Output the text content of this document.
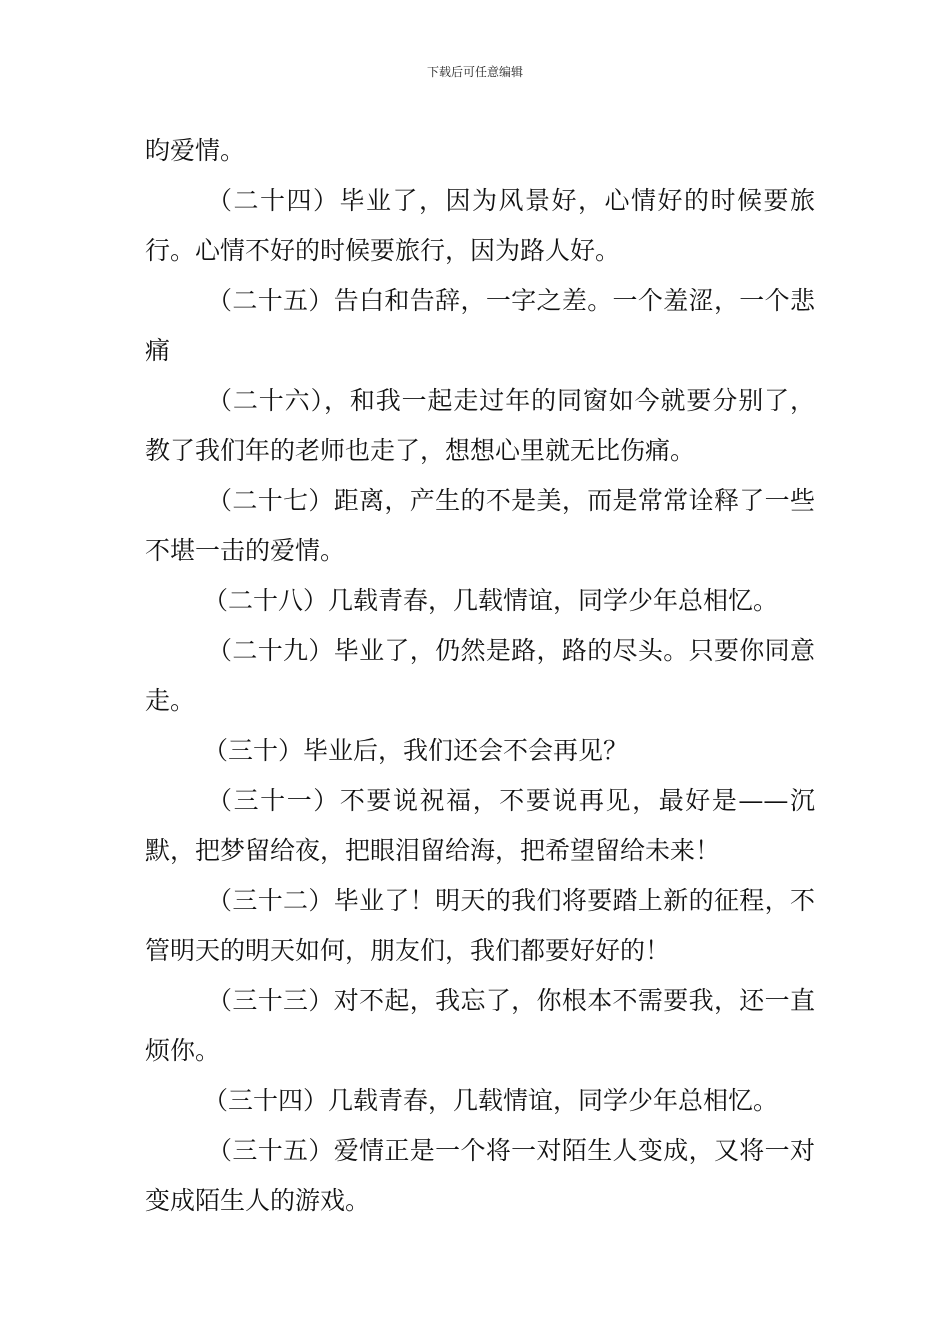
下载后可任意编辑

昀爱情。

（二十四）毕业了，因为风景好，心情好的时候要旅行。心情不好的时候要旅行，因为路人好。

（二十五）告白和告辞，一字之差。一个羞涩，一个悲痛

（二十六），和我一起走过年的同窗如今就要分别了，教了我们年的老师也走了，想想心里就无比伤痛。

（二十七）距离，产生的不是美，而是常常诠释了一些不堪一击的爱情。

（二十八）几载青春，几载情谊，同学少年总相忆。

（二十九）毕业了，仍然是路，路的尽头。只要你同意走。

（三十）毕业后，我们还会不会再见？

（三十一）不要说祝福，不要说再见，最好是——沉默，把梦留给夜，把眼泪留给海，把希望留给未来！

（三十二）毕业了！明天的我们将要踏上新的征程，不管明天的明天如何，朋友们，我们都要好好的！

（三十三）对不起，我忘了，你根本不需要我，还一直烦你。

（三十四）几载青春，几载情谊，同学少年总相忆。

（三十五）爱情正是一个将一对陌生人变成，又将一对变成陌生人的游戏。
